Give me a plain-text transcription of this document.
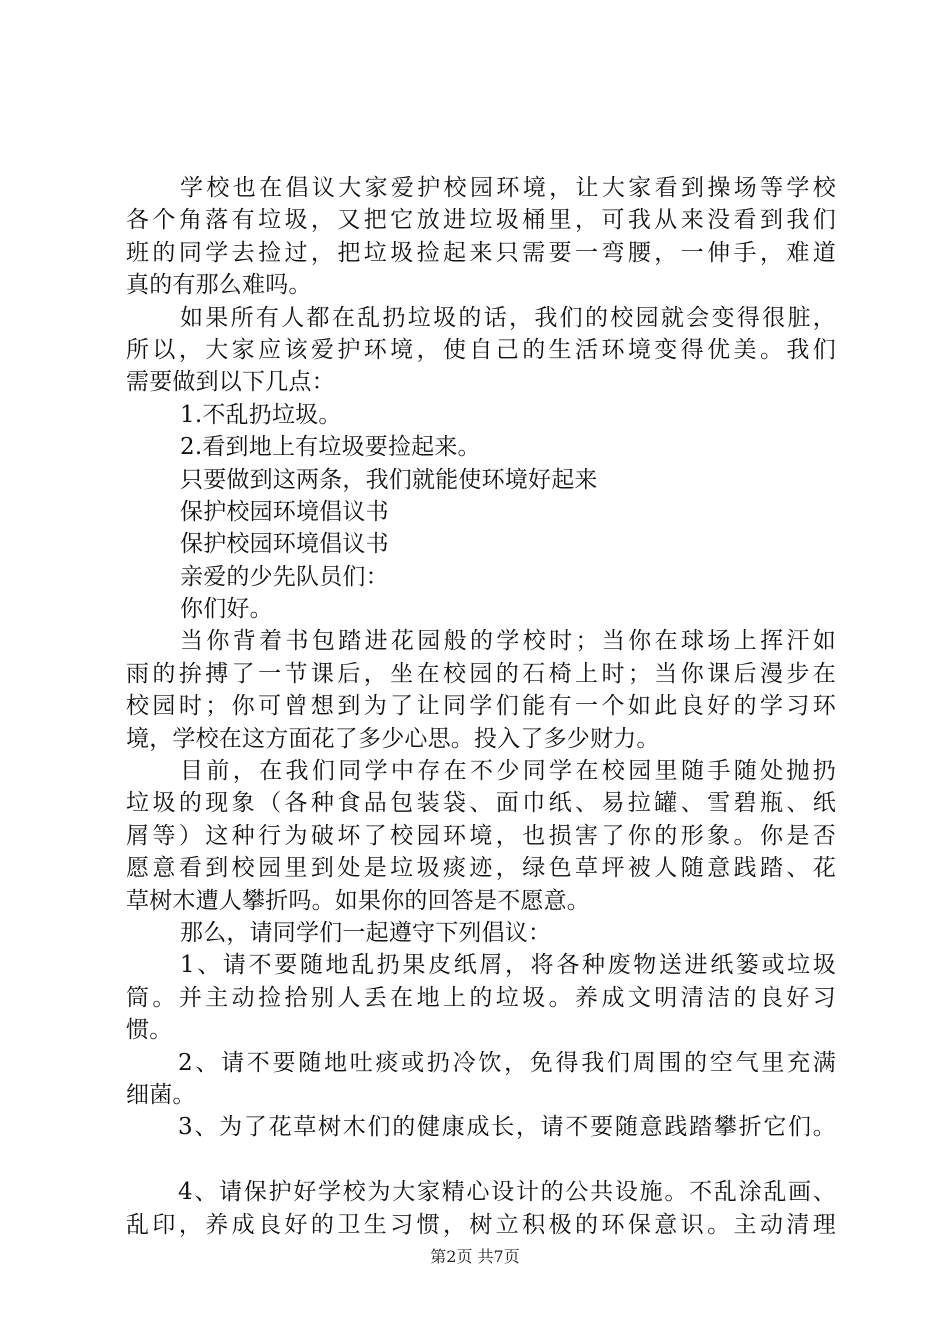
学校也在倡议大家爱护校园环境，让大家看到操场等学校
各个角落有垃圾，又把它放进垃圾桶里，可我从来没看到我们
班的同学去捡过，把垃圾捡起来只需要一弯腰，一伸手，难道
真的有那么难吗。
如果所有人都在乱扔垃圾的话，我们的校园就会变得很脏，
所以，大家应该爱护环境，使自己的生活环境变得优美。我们
需要做到以下几点：
1.不乱扔垃圾。
2.看到地上有垃圾要捡起来。
只要做到这两条，我们就能使环境好起来
保护校园环境倡议书
保护校园环境倡议书
亲爱的少先队员们：
你们好。
当你背着书包踏进花园般的学校时；当你在球场上挥汗如
雨的拚搏了一节课后，坐在校园的石椅上时；当你课后漫步在
校园时；你可曾想到为了让同学们能有一个如此良好的学习环
境，学校在这方面花了多少心思。投入了多少财力。
目前，在我们同学中存在不少同学在校园里随手随处抛扔
垃圾的现象（各种食品包装袋、面巾纸、易拉罐、雪碧瓶、纸
屑等）这种行为破坏了校园环境，也损害了你的形象。你是否
愿意看到校园里到处是垃圾痰迹，绿色草坪被人随意践踏、花
草树木遭人攀折吗。如果你的回答是不愿意。
那么，请同学们一起遵守下列倡议：
1、请不要随地乱扔果皮纸屑，将各种废物送进纸篓或垃圾
筒。并主动捡拾别人丢在地上的垃圾。养成文明清洁的良好习
惯。
2、请不要随地吐痰或扔冷饮，免得我们周围的空气里充满
细菌。
3、为了花草树木们的健康成长，请不要随意践踏攀折它们。
4、请保护好学校为大家精心设计的公共设施。不乱涂乱画、
乱印，养成良好的卫生习惯，树立积极的环保意识。主动清理
第2页 共7页
